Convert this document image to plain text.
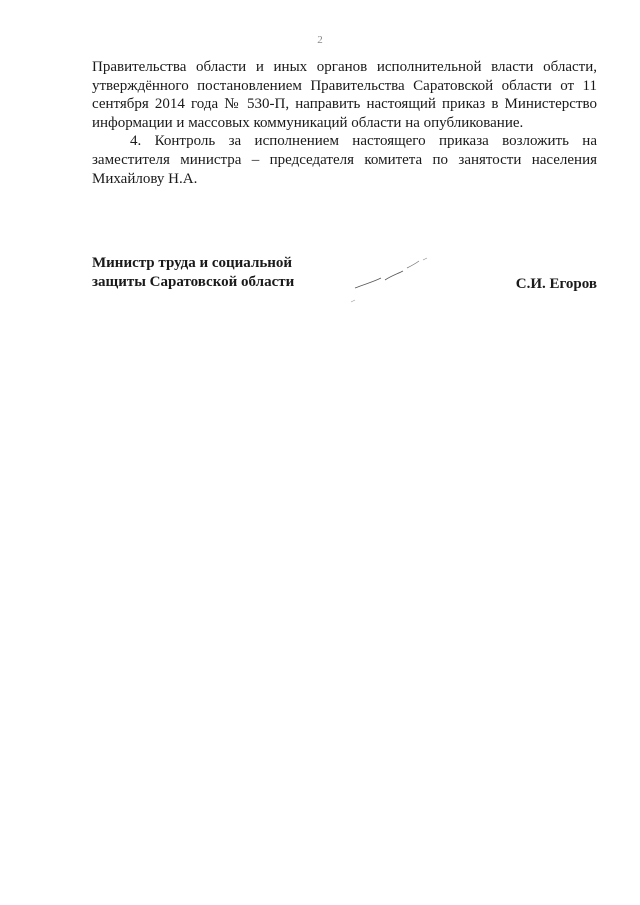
2

Правительства области и иных органов исполнительной власти области, утверждённого постановлением Правительства Саратовской области от 11 сентября 2014 года № 530-П, направить настоящий приказ в Министерство информации и массовых коммуникаций области на опубликование.

4. Контроль за исполнением настоящего приказа возложить на заместителя министра – председателя комитета по занятости населения Михайлову Н.А.

Министр труда и социальной
защиты Саратовской области	С.И. Егоров
